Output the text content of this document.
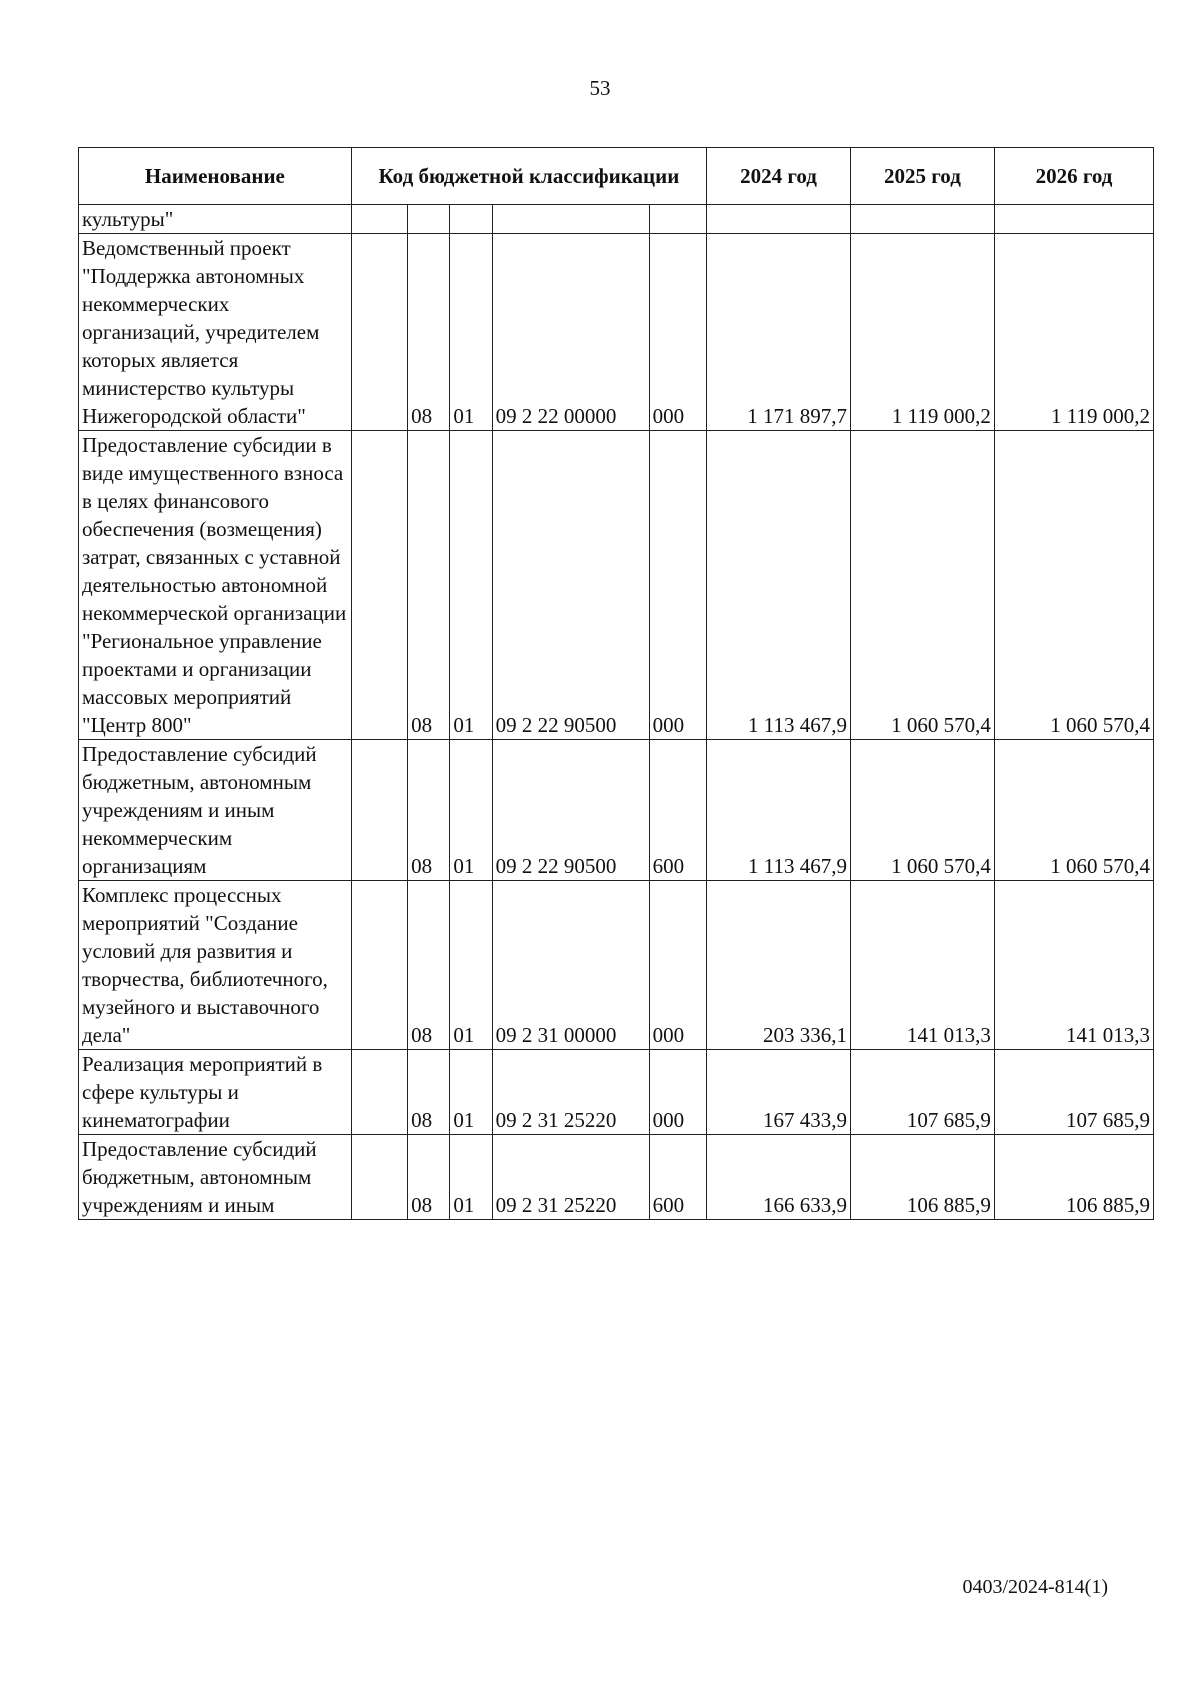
53
Наименование	Код бюджетной классификации					2024 год	2025 год	2026 год
культуры"								
Ведомственный проект "Поддержка автономных некоммерческих организаций, учредителем которых является министерство культуры Нижегородской области"		08	01	09 2 22 00000	000	1 171 897,7	1 119 000,2	1 119 000,2
Предоставление субсидии в виде имущественного взноса в целях финансового обеспечения (возмещения) затрат, связанных с уставной деятельностью автономной некоммерческой организации "Региональное управление проектами и организации массовых мероприятий "Центр 800"		08	01	09 2 22 90500	000	1 113 467,9	1 060 570,4	1 060 570,4
Предоставление субсидий бюджетным, автономным учреждениям и иным некоммерческим организациям		08	01	09 2 22 90500	600	1 113 467,9	1 060 570,4	1 060 570,4
Комплекс процессных мероприятий "Создание условий для развития и творчества, библиотечного, музейного и выставочного дела"		08	01	09 2 31 00000	000	203 336,1	141 013,3	141 013,3
Реализация мероприятий в сфере культуры и кинематографии		08	01	09 2 31 25220	000	167 433,9	107 685,9	107 685,9
Предоставление субсидий бюджетным, автономным учреждениям и иным		08	01	09 2 31 25220	600	166 633,9	106 885,9	106 885,9
0403/2024-814(1)
